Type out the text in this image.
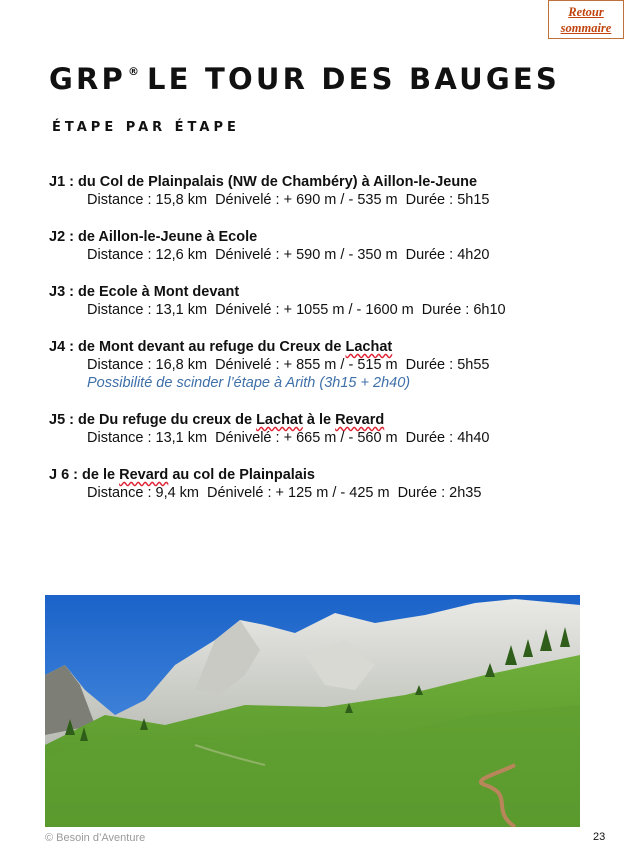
Retour
sommaire
GRP ® LE TOUR DES BAUGES
ÉTAPE PAR ÉTAPE
J1 : du Col de Plainpalais (NW de Chambéry) à Aillon-le-Jeune
Distance : 15,8 km Dénivelé : + 690 m / - 535 m Durée : 5h15
J2 : de Aillon-le-Jeune à Ecole
Distance : 12,6 km Dénivelé : + 590 m / - 350 m Durée : 4h20
J3 : de Ecole à Mont devant
Distance : 13,1 km Dénivelé : + 1055 m / - 1600 m Durée : 6h10
J4 : de Mont devant au refuge du Creux de Lachat
Distance : 16,8 km Dénivelé : + 855 m / - 515 m Durée : 5h55
Possibilité de scinder l’étape à Arith (3h15 + 2h40)
J5 : de Du refuge du creux de Lachat à le Revard
Distance : 13,1 km Dénivelé : + 665 m / - 560 m Durée : 4h40
J 6 : de le Revard au col de Plainpalais
Distance : 9,4 km Dénivelé : + 125 m / - 425 m Durée : 2h35
© Besoin d’Aventure	23
